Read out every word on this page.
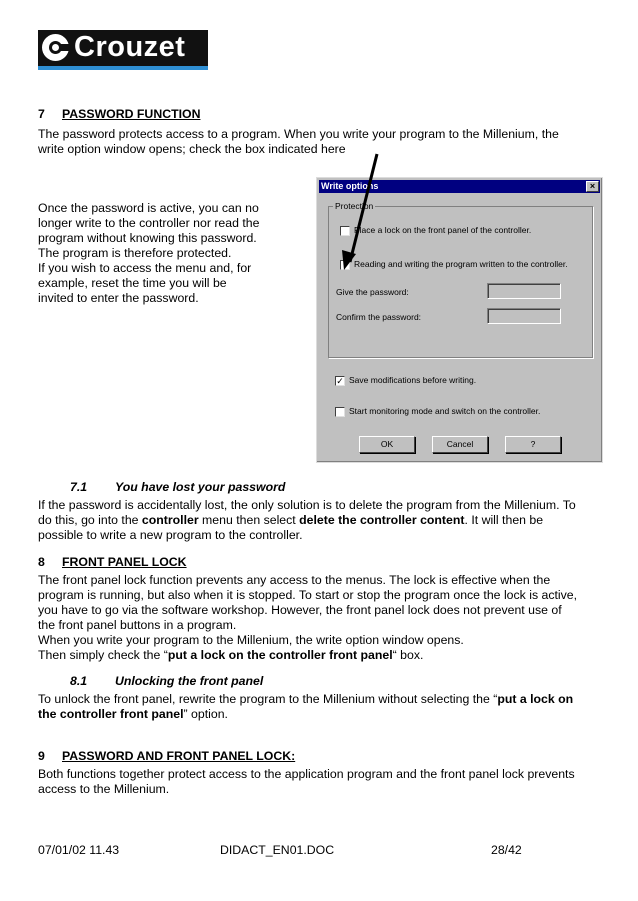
Crouzet
7 PASSWORD FUNCTION

The password protects access to a program. When you write your program to the Millenium, the

write option window opens; check the box indicated here

Once the password is active, you can no

longer write to the controller nor read the

program without knowing this password.

The program is therefore protected.

If you wish to access the menu and, for

example, reset the time you will be

invited to enter the password.

Write options	×
Protection
Place a lock on the front panel of the controller.
Reading and writing the program written to the controller.
Give the password:
Confirm the password:
✓ Save modifications before writing.
Start monitoring mode and switch on the controller.
OK	Cancel	?
7.1 You have lost your password

If the password is accidentally lost, the only solution is to delete the program from the Millenium. To

do this, go into the controller menu then select delete the controller content. It will then be

possible to write a new program to the controller.

8 FRONT PANEL LOCK

The front panel lock function prevents any access to the menus. The lock is effective when the

program is running, but also when it is stopped. To start or stop the program once the lock is active,

you have to go via the software workshop. However, the front panel lock does not prevent use of

the front panel buttons in a program.

When you write your program to the Millenium, the write option window opens.

Then simply check the “put a lock on the controller front panel“ box.

8.1 Unlocking the front panel

To unlock the front panel, rewrite the program to the Millenium without selecting the “put a lock on

the controller front panel” option.

9 PASSWORD AND FRONT PANEL LOCK:

Both functions together protect access to the application program and the front panel lock prevents

access to the Millenium.

07/01/02 11.43	DIDACT_EN01.DOC	28/42
